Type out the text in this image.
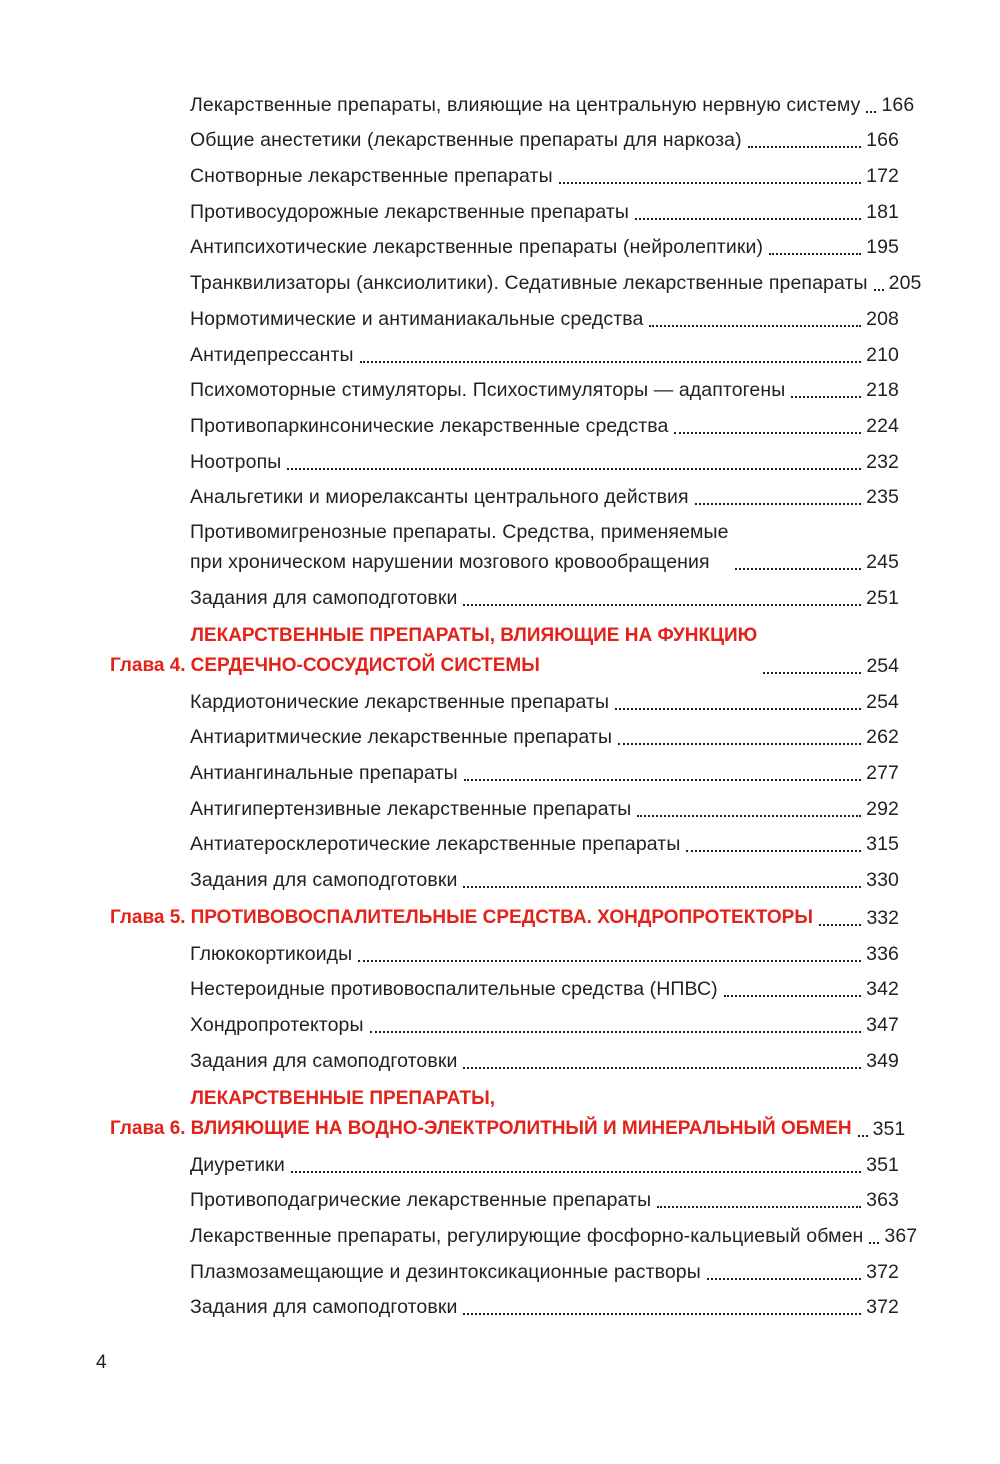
Лекарственные препараты, влияющие на центральную нервную систему 166
Общие анестетики (лекарственные препараты для наркоза)	166
Снотворные лекарственные препараты	172
Противосудорожные лекарственные препараты	181
Антипсихотические лекарственные препараты (нейролептики)	195
Транквилизаторы (анксиолитики). Седативные лекарственные препараты 205
Нормотимические и антиманиакальные средства	208
Антидепрессанты	210
Психомоторные стимуляторы. Психостимуляторы — адаптогены	218
Противопаркинсонические лекарственные средства	224
Ноотропы	232
Анальгетики и миорелаксанты центрального действия	235
Противомигренозные препараты. Средства, применяемые
при хроническом нарушении мозгового кровообращения	245
Задания для самоподготовки	251
Глава 4.
ЛЕКАРСТВЕННЫЕ ПРЕПАРАТЫ, ВЛИЯЮЩИЕ НА ФУНКЦИЮ
СЕРДЕЧНО-СОСУДИСТОЙ СИСТЕМЫ	254
Кардиотонические лекарственные препараты	254
Антиаритмические лекарственные препараты	262
Антиангинальные препараты	277
Антигипертензивные лекарственные препараты	292
Антиатеросклеротические лекарственные препараты	315
Задания для самоподготовки	330
Глава 5. ПРОТИВОВОСПАЛИТЕЛЬНЫЕ СРЕДСТВА. ХОНДРОПРОТЕКТОРЫ	332
Глюкокортикоиды	336
Нестероидные противовоспалительные средства (НПВС)	342
Хондропротекторы	347
Задания для самоподготовки	349
Глава 6.
ЛЕКАРСТВЕННЫЕ ПРЕПАРАТЫ,
ВЛИЯЮЩИЕ НА ВОДНО-ЭЛЕКТРОЛИТНЫЙ И МИНЕРАЛЬНЫЙ ОБМЕН 351
Диуретики	351
Противоподагрические лекарственные препараты	363
Лекарственные препараты, регулирующие фосфорно-кальциевый обмен 367
Плазмозамещающие и дезинтоксикационные растворы	372
Задания для самоподготовки	372
4
